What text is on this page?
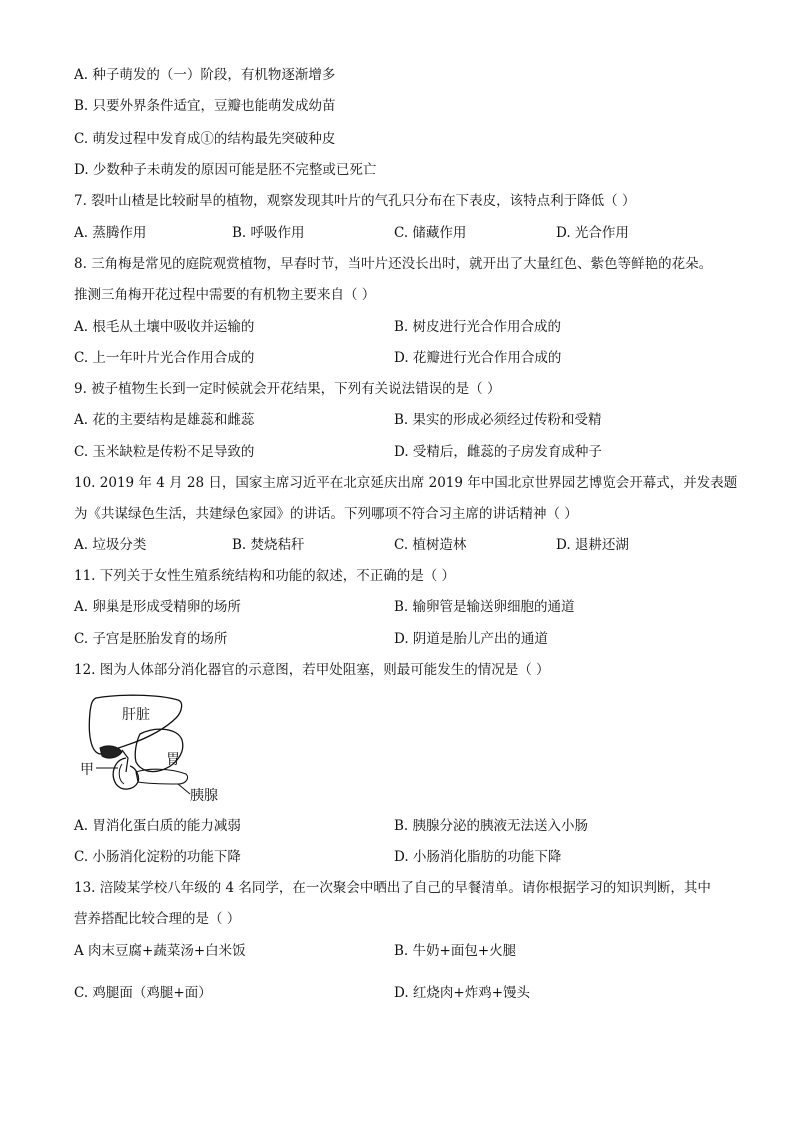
A. 种子萌发的（一）阶段，有机物逐渐增多
B. 只要外界条件适宜，豆瓣也能萌发成幼苗
C. 萌发过程中发育成①的结构最先突破种皮
D. 少数种子未萌发的原因可能是胚不完整或已死亡
7. 裂叶山楂是比较耐旱的植物，观察发现其叶片的气孔只分布在下表皮，该特点利于降低（ ）
A. 蒸腾作用	B. 呼吸作用	C. 储藏作用	D. 光合作用
8. 三角梅是常见的庭院观赏植物，早春时节，当叶片还没长出时，就开出了大量红色、紫色等鲜艳的花朵。
推测三角梅开花过程中需要的有机物主要来自（ ）
A. 根毛从土壤中吸收并运输的	B. 树皮进行光合作用合成的
C. 上一年叶片光合作用合成的	D. 花瓣进行光合作用合成的
9. 被子植物生长到一定时候就会开花结果，下列有关说法错误的是（ ）
A. 花的主要结构是雄蕊和雌蕊	B. 果实的形成必须经过传粉和受精
C. 玉米缺粒是传粉不足导致的	D. 受精后，雌蕊的子房发育成种子
10. 2019 年 4 月 28 日，国家主席习近平在北京延庆出席 2019 年中国北京世界园艺博览会开幕式，并发表题
为《共谋绿色生活，共建绿色家园》的讲话。下列哪项不符合习主席的讲话精神（ ）
A. 垃圾分类	B. 焚烧秸秆	C. 植树造林	D. 退耕还湖
11. 下列关于女性生殖系统结构和功能的叙述，不正确的是（ ）
A. 卵巢是形成受精卵的场所	B. 输卵管是输送卵细胞的通道
C. 子宫是胚胎发育的场所	D. 阴道是胎儿产出的通道
12. 图为人体部分消化器官的示意图，若甲处阻塞，则最可能发生的情况是（ ）
肝脏
胃
甲
胰腺
A. 胃消化蛋白质的能力减弱	B. 胰腺分泌的胰液无法送入小肠
C. 小肠消化淀粉的功能下降	D. 小肠消化脂肪的功能下降
13. 涪陵某学校八年级的 4 名同学，在一次聚会中晒出了自己的早餐清单。请你根据学习的知识判断，其中
营养搭配比较合理的是（ ）
A 肉末豆腐+蔬菜汤+白米饭	B. 牛奶+面包+火腿
C. 鸡腿面（鸡腿+面）	D. 红烧肉+炸鸡+馒头
